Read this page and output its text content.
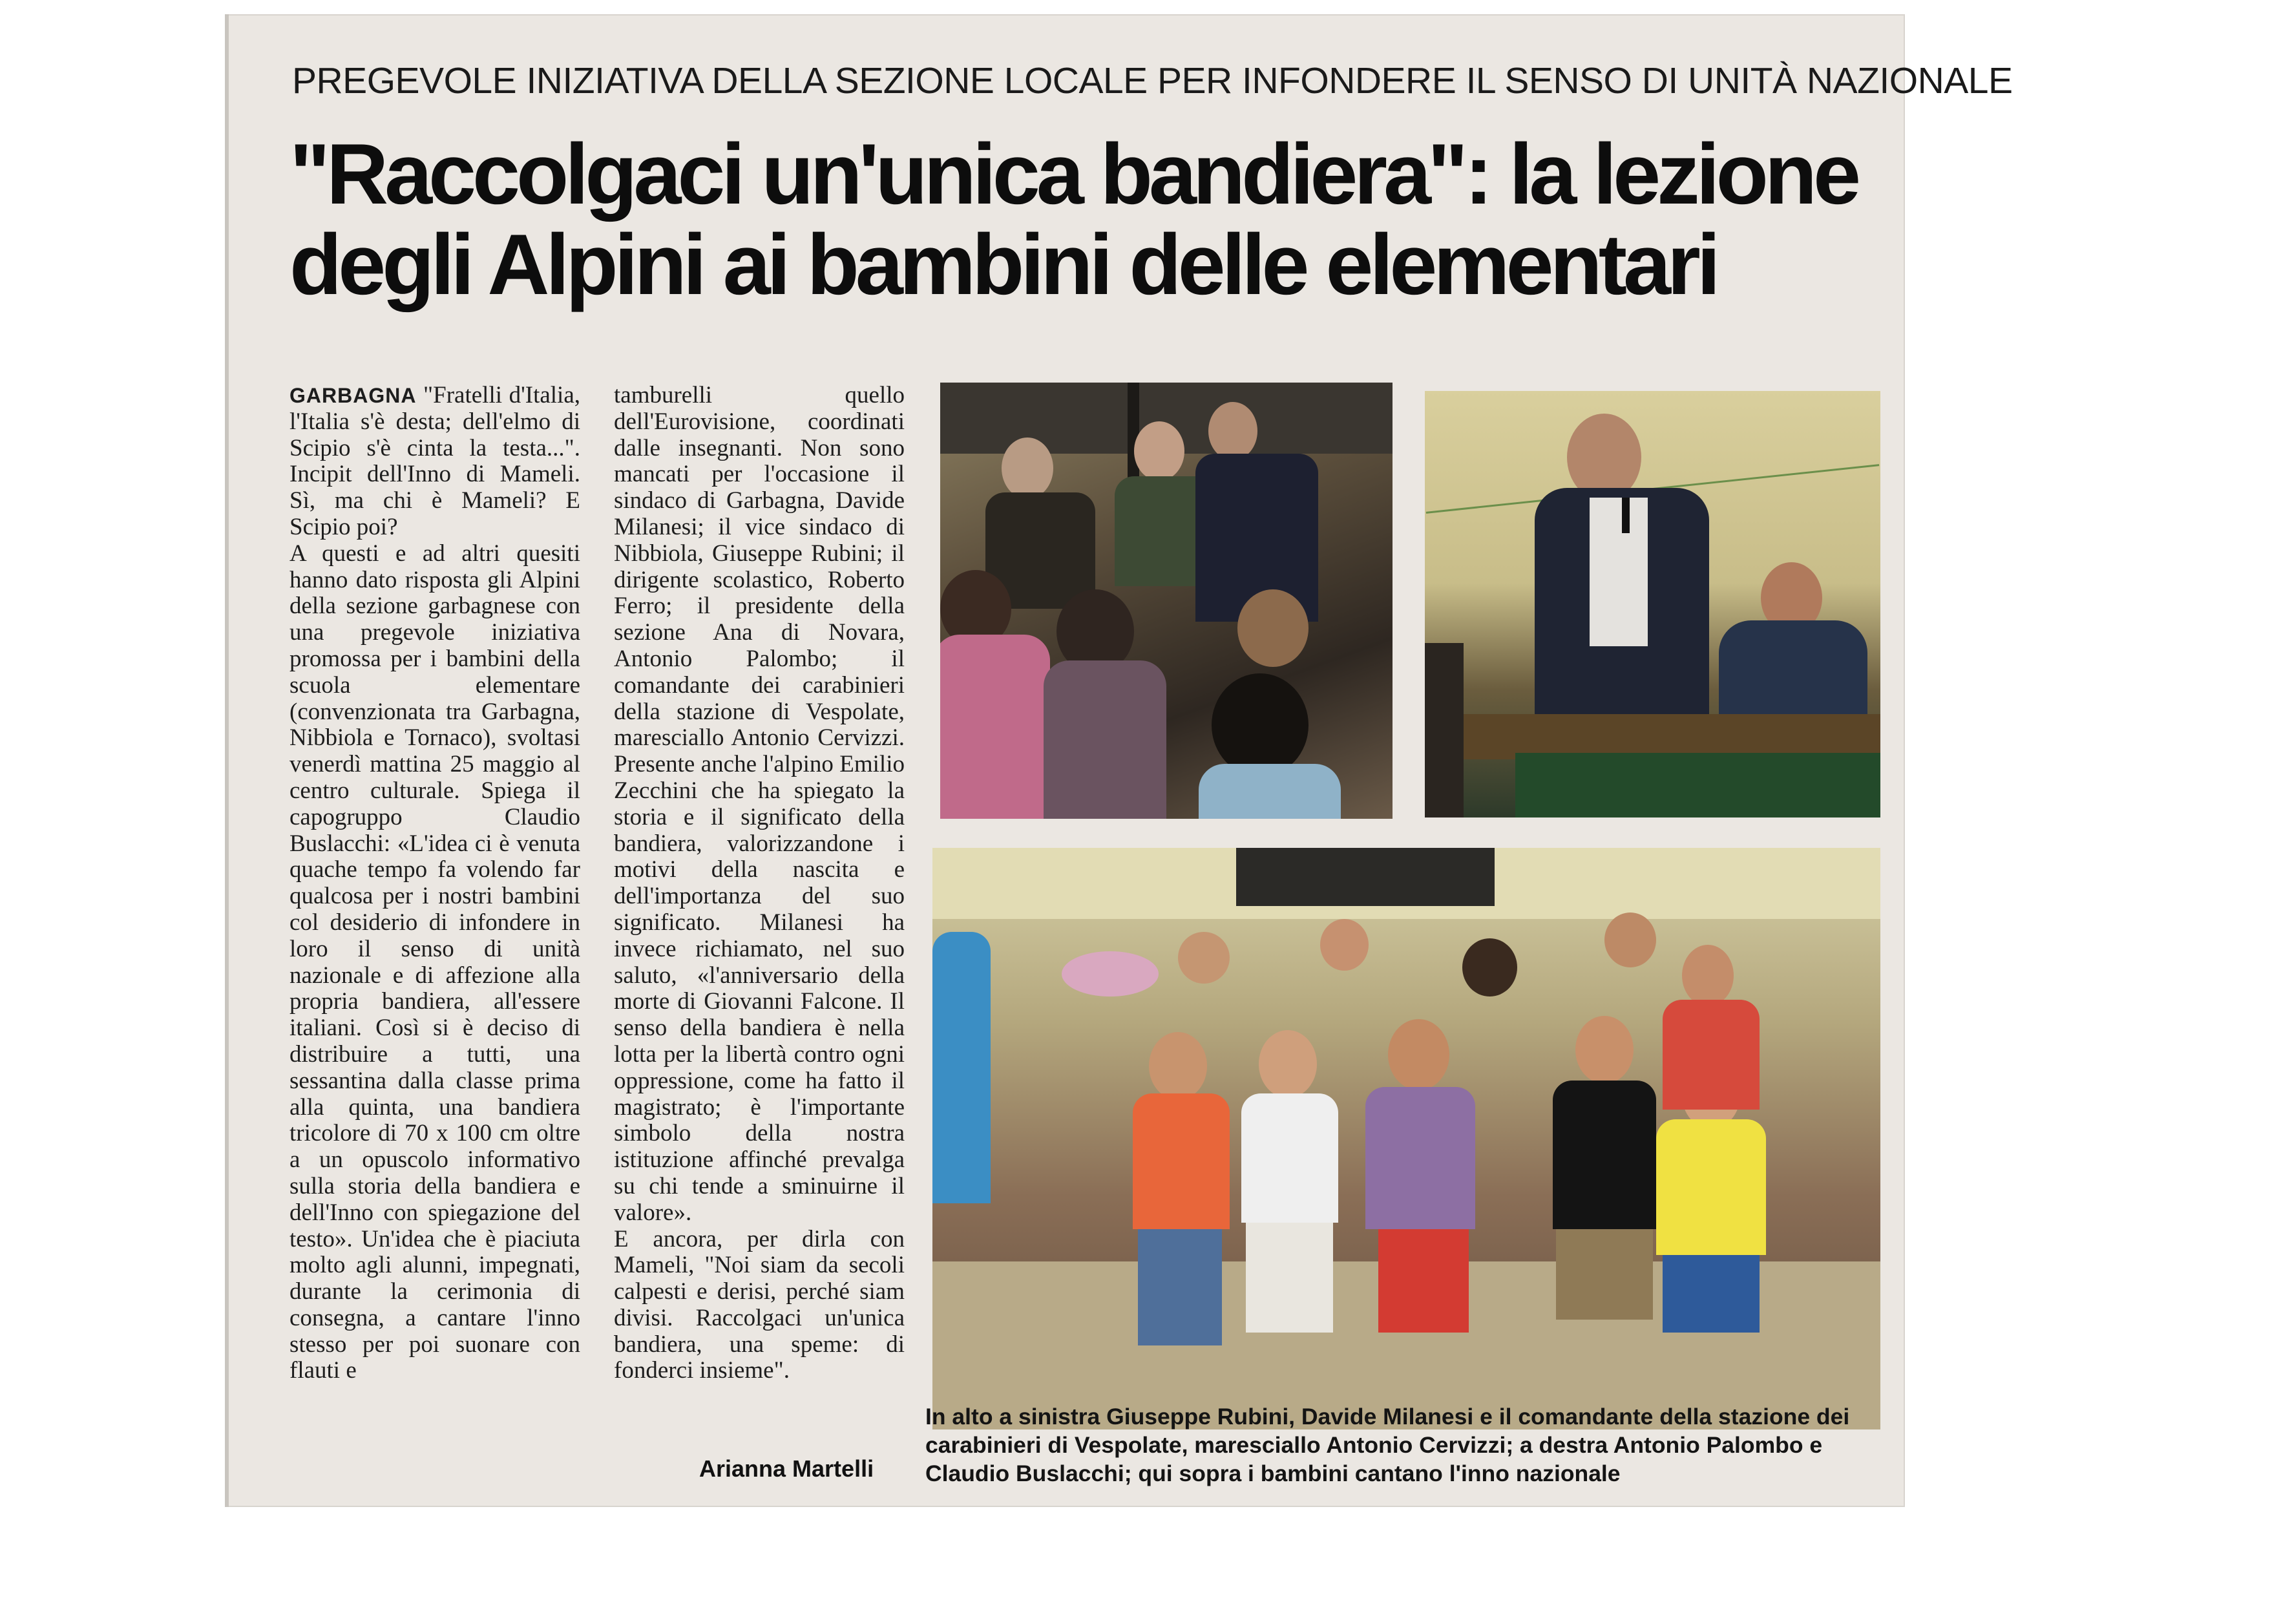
PREGEVOLE INIZIATIVA DELLA SEZIONE LOCALE PER INFONDERE IL SENSO DI UNITÀ NAZIONALE
"Raccolgaci un'unica bandiera": la lezione
degli Alpini ai bambini delle elementari

GARBAGNA "Fratelli d'Italia, l'Italia s'è desta; dell'elmo di Scipio s'è cinta la testa...". Incipit dell'Inno di Mameli. Sì, ma chi è Mameli? E Scipio poi?

A questi e ad altri quesiti hanno dato risposta gli Alpini della sezione garbagnese con una pregevole iniziativa promossa per i bambini della scuola elementare (convenzionata tra Garbagna, Nibbiola e Tornaco), svoltasi venerdì mattina 25 maggio al centro culturale. Spiega il capogruppo Claudio Buslacchi: «L'idea ci è venuta quache tempo fa volendo far qualcosa per i nostri bambini col desiderio di infondere in loro il senso di unità nazionale e di affezione alla propria bandiera, all'essere italiani. Così si è deciso di distribuire a tutti, una sessantina dalla classe prima alla quinta, una bandiera tricolore di 70 x 100 cm oltre a un opuscolo informativo sulla storia della bandiera e dell'Inno con spiegazione del testo». Un'idea che è piaciuta molto agli alunni, impegnati, durante la cerimonia di consegna, a cantare l'inno stesso per poi suonare con flauti e

tamburelli quello dell'Eurovisione, coordinati dalle insegnanti. Non sono mancati per l'occasione il sindaco di Garbagna, Davide Milanesi; il vice sindaco di Nibbiola, Giuseppe Rubini; il dirigente scolastico, Roberto Ferro; il presidente della sezione Ana di Novara, Antonio Palombo; il comandante dei carabinieri della stazione di Vespolate, maresciallo Antonio Cervizzi. Presente anche l'alpino Emilio Zecchini che ha spiegato la storia e il significato della bandiera, valorizzandone i motivi della nascita e dell'importanza del suo significato. Milanesi ha invece richiamato, nel suo saluto, «l'anniversario della morte di Giovanni Falcone. Il senso della bandiera è nella lotta per la libertà contro ogni oppressione, come ha fatto il magistrato; è l'importante simbolo della nostra istituzione affinché prevalga su chi tende a sminuirne il valore».

E ancora, per dirla con Mameli, "Noi siam da secoli calpesti e derisi, perché siam divisi. Raccolgaci un'unica bandiera, una speme: di fonderci insieme".

Arianna Martelli
In alto a sinistra Giuseppe Rubini, Davide Milanesi e il comandante della stazione dei carabinieri di Vespolate, maresciallo Antonio Cervizzi; a destra Antonio Palombo e Claudio Buslacchi; qui sopra i bambini cantano l'inno nazionale
